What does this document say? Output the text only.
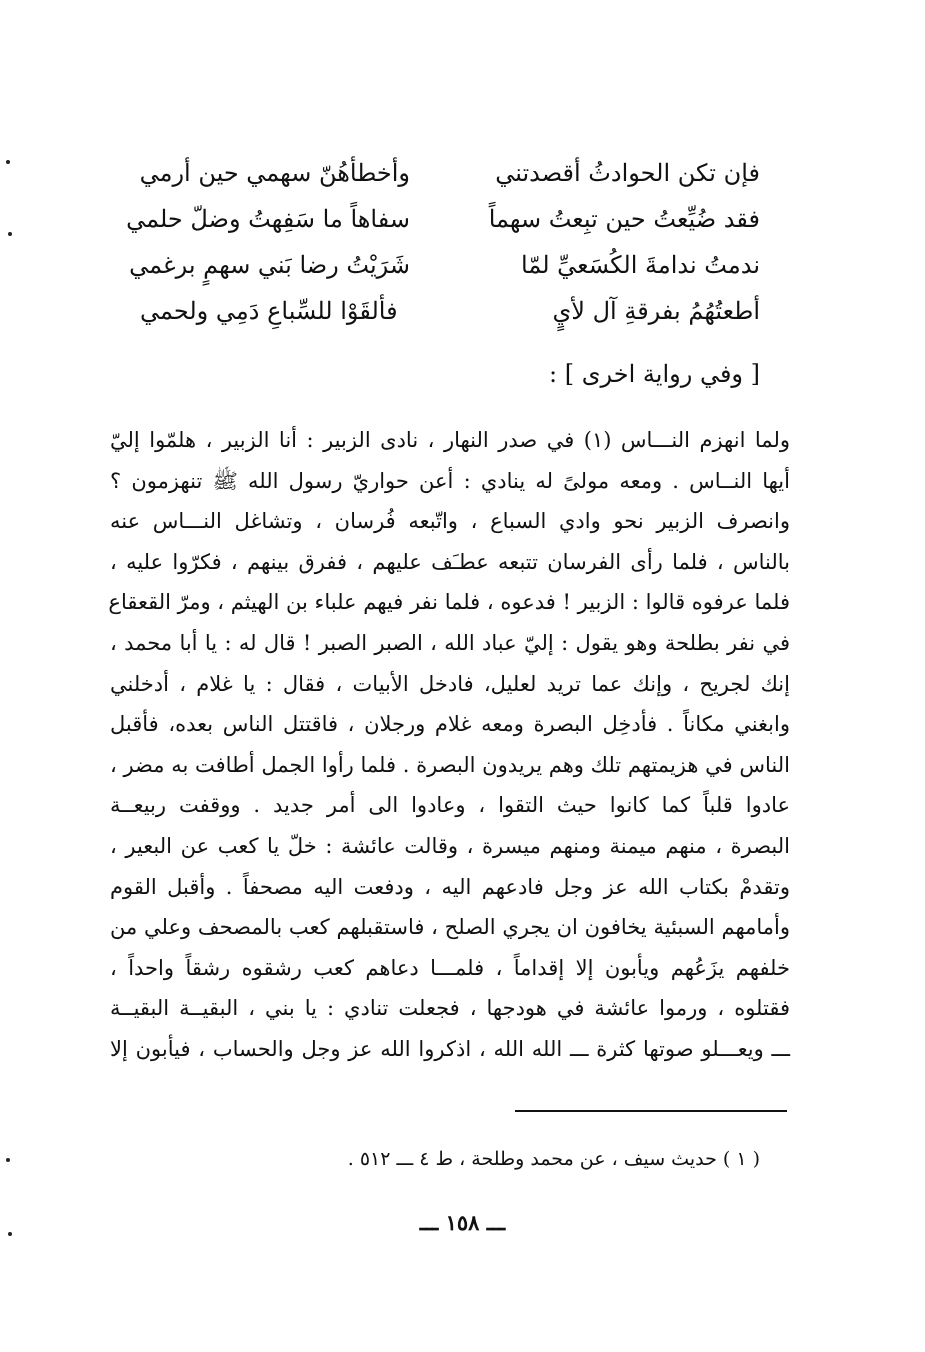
فإن تكن الحوادثُ أقصدتني
وأخطأهُنّ سهمي حين أرمي
فقد ضُيِّعتُ حين تبِعتُ سهماً
سفاهاً ما سَفِهتُ وضلّ حلمي
ندمتُ ندامةَ الكُسَعيِّ لمّا
شَرَيْتُ رضا بَني سهمٍ برغمي
أطعتُهُمُ بفرقةِ آل لأيٍ
فألقَوْا للسِّباعِ دَمِي ولحمي
[ وفي رواية اخرى ] :
ولما انهزم النـــاس (١) في صدر النهار ، نادى الزبير : أنا الزبير ، هلمّوا إليّ
أيها النــاس . ومعه مولىً له ينادي : أعن حواريّ رسول الله ﷺ تنهزمون ؟
وانصرف الزبير نحو وادي السباع ، واتّبعه فُرسان ، وتشاغل النـــاس عنه
بالناس ، فلما رأى الفرسان تتبعه عطـَف عليهم ، ففرق بينهم ، فكرّوا عليه ،
فلما عرفوه قالوا : الزبير ! فدعوه ، فلما نفر فيهم علباء بن الهيثم ، ومرّ القعقاع
في نفر بطلحة وهو يقول : إليّ عباد الله ، الصبر الصبر ! قال له : يا أبا محمد ،
إنك لجريح ، وإنك عما تريد لعليل، فادخل الأبيات ، فقال : يا غلام ، أدخلني
وابغني مكاناً . فأدخِل البصرة ومعه غلام ورجلان ، فاقتتل الناس بعده، فأقبل
الناس في هزيمتهم تلك وهم يريدون البصرة . فلما رأوا الجمل أطافت به مضر ،
عادوا قلباً كما كانوا حيث التقوا ، وعادوا الى أمر جديد . ووقفت ربيعــة
البصرة ، منهم ميمنة ومنهم ميسرة ، وقالت عائشة : خلّ يا كعب عن البعير ،
وتقدمْ بكتاب الله عز وجل فادعهم اليه ، ودفعت اليه مصحفاً . وأقبل القوم
وأمامهم السبئية يخافون ان يجري الصلح ، فاستقبلهم كعب بالمصحف وعلي من
خلفهم يزَعُهم ويأبون إلا إقداماً ، فلمـــا دعاهم كعب رشقوه رشقاً واحداً ،
فقتلوه ، ورموا عائشة في هودجها ، فجعلت تنادي : يا بني ، البقيــة البقيــة
ـــ ويعـــلو صوتها كثرة ـــ الله الله ، اذكروا الله عز وجل والحساب ، فيأبون إلا
( ١ ) حديث سيف ، عن محمد وطلحة ، ط ٤ ـــ ٥١٢ .
ـــ ١٥٨ ـــ
